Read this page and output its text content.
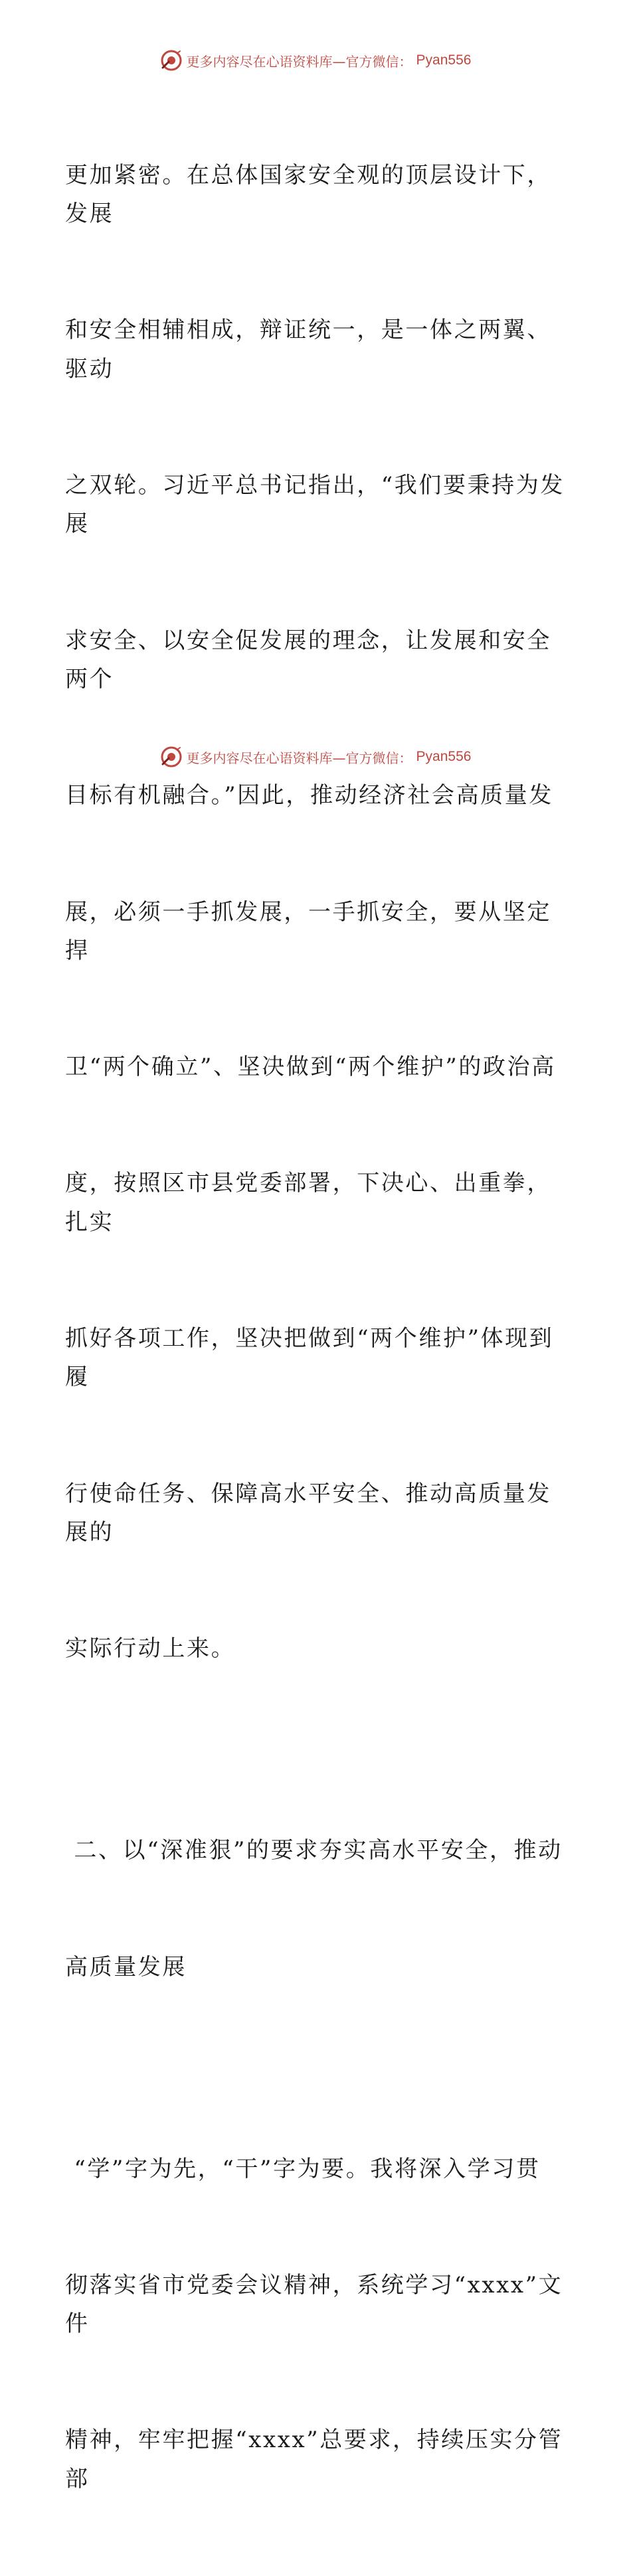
更多内容尽在心语资料库—官方微信： Pyan556

更加紧密。在总体国家安全观的顶层设计下，发展

和安全相辅相成，辩证统一，是一体之两翼、驱动

之双轮。习近平总书记指出，“我们要秉持为发展

求安全、以安全促发展的理念，让发展和安全两个

目标有机融合。”因此，推动经济社会高质量发

展，必须一手抓发展，一手抓安全，要从坚定捍

卫“两个确立”、坚决做到“两个维护”的政治高

度，按照区市县党委部署，下决心、出重拳，扎实

抓好各项工作，坚决把做到“两个维护”体现到履

行使命任务、保障高水平安全、推动高质量发展的

实际行动上来。

二、以“深准狠”的要求夯实高水平安全，推动

高质量发展

“学”字为先，“干”字为要。我将深入学习贯

彻落实省市党委会议精神，系统学习“xxxx”文件

精神，牢牢把握“xxxx”总要求，持续压实分管部

更多内容尽在心语资料库—官方微信： Pyan556
